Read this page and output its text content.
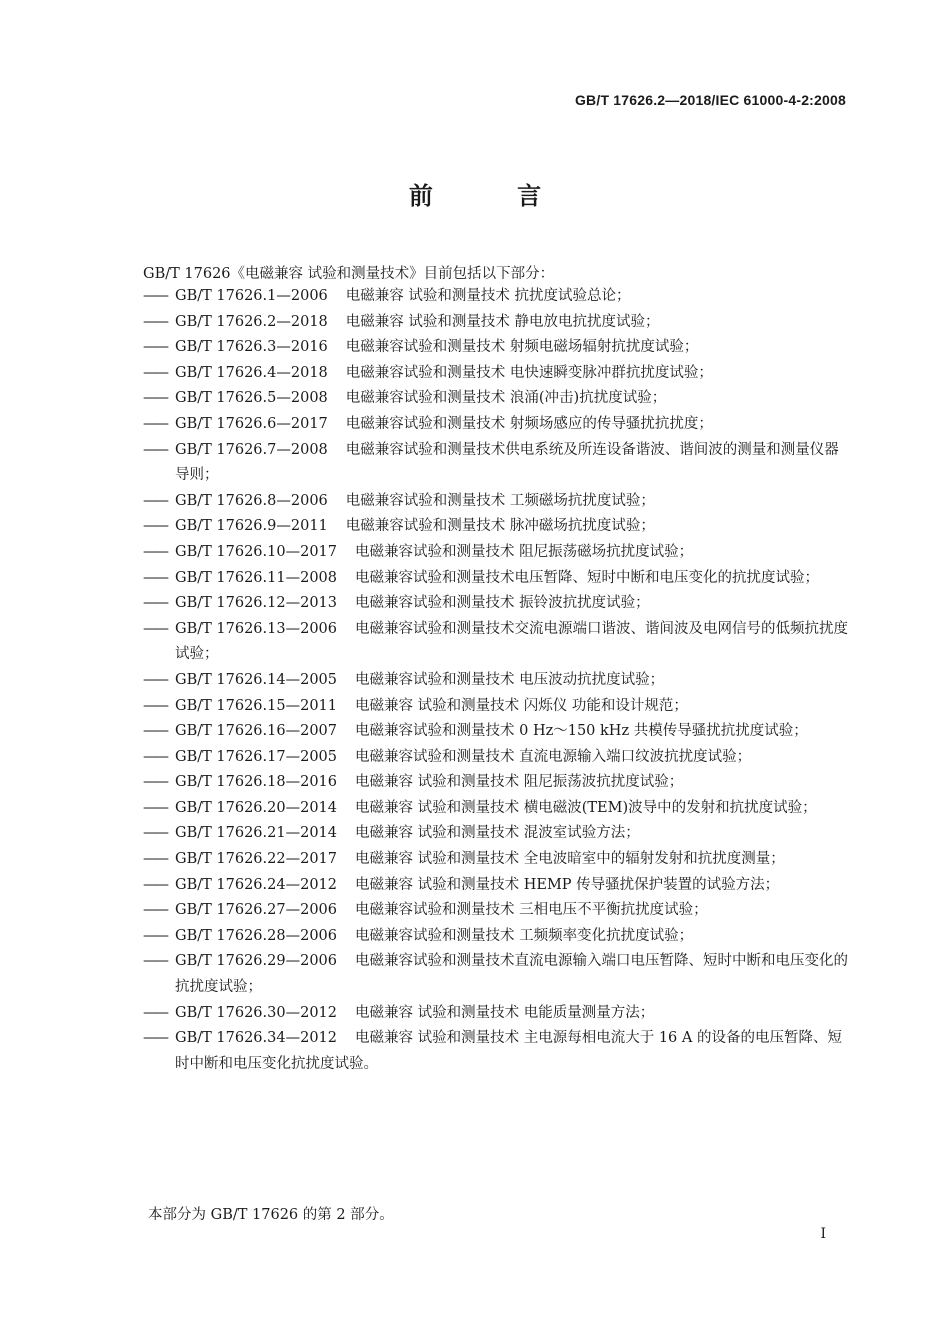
GB/T 17626.2—2018/IEC 61000-4-2:2008
前 言
GB/T 17626《电磁兼容 试验和测量技术》目前包括以下部分：
—— GB/T 17626.1—2006 电磁兼容 试验和测量技术 抗扰度试验总论；
—— GB/T 17626.2—2018 电磁兼容 试验和测量技术 静电放电抗扰度试验；
—— GB/T 17626.3—2016 电磁兼容试验和测量技术 射频电磁场辐射抗扰度试验；
—— GB/T 17626.4—2018 电磁兼容试验和测量技术 电快速瞬变脉冲群抗扰度试验；
—— GB/T 17626.5—2008 电磁兼容试验和测量技术 浪涌(冲击)抗扰度试验；
—— GB/T 17626.6—2017 电磁兼容试验和测量技术 射频场感应的传导骚扰抗扰度；
—— GB/T 17626.7—2008 电磁兼容试验和测量技术供电系统及所连设备谐波、谐间波的测量和测量仪器导则；
—— GB/T 17626.8—2006 电磁兼容试验和测量技术 工频磁场抗扰度试验；
—— GB/T 17626.9—2011 电磁兼容试验和测量技术 脉冲磁场抗扰度试验；
—— GB/T 17626.10—2017 电磁兼容试验和测量技术 阻尼振荡磁场抗扰度试验；
—— GB/T 17626.11—2008 电磁兼容试验和测量技术电压暂降、短时中断和电压变化的抗扰度试验；
—— GB/T 17626.12—2013 电磁兼容试验和测量技术 振铃波抗扰度试验；
—— GB/T 17626.13—2006 电磁兼容试验和测量技术交流电源端口谐波、谐间波及电网信号的低频抗扰度试验；
—— GB/T 17626.14—2005 电磁兼容试验和测量技术 电压波动抗扰度试验；
—— GB/T 17626.15—2011 电磁兼容 试验和测量技术 闪烁仪 功能和设计规范；
—— GB/T 17626.16—2007 电磁兼容试验和测量技术 0 Hz～150 kHz 共模传导骚扰抗扰度试验；
—— GB/T 17626.17—2005 电磁兼容试验和测量技术 直流电源输入端口纹波抗扰度试验；
—— GB/T 17626.18—2016 电磁兼容 试验和测量技术 阻尼振荡波抗扰度试验；
—— GB/T 17626.20—2014 电磁兼容 试验和测量技术 横电磁波(TEM)波导中的发射和抗扰度试验；
—— GB/T 17626.21—2014 电磁兼容 试验和测量技术 混波室试验方法；
—— GB/T 17626.22—2017 电磁兼容 试验和测量技术 全电波暗室中的辐射发射和抗扰度测量；
—— GB/T 17626.24—2012 电磁兼容 试验和测量技术 HEMP 传导骚扰保护装置的试验方法；
—— GB/T 17626.27—2006 电磁兼容试验和测量技术 三相电压不平衡抗扰度试验；
—— GB/T 17626.28—2006 电磁兼容试验和测量技术 工频频率变化抗扰度试验；
—— GB/T 17626.29—2006 电磁兼容试验和测量技术直流电源输入端口电压暂降、短时中断和电压变化的抗扰度试验；
—— GB/T 17626.30—2012 电磁兼容 试验和测量技术 电能质量测量方法；
—— GB/T 17626.34—2012 电磁兼容 试验和测量技术 主电源每相电流大于 16 A 的设备的电压暂降、短时中断和电压变化抗扰度试验。
本部分为 GB/T 17626 的第 2 部分。
I
